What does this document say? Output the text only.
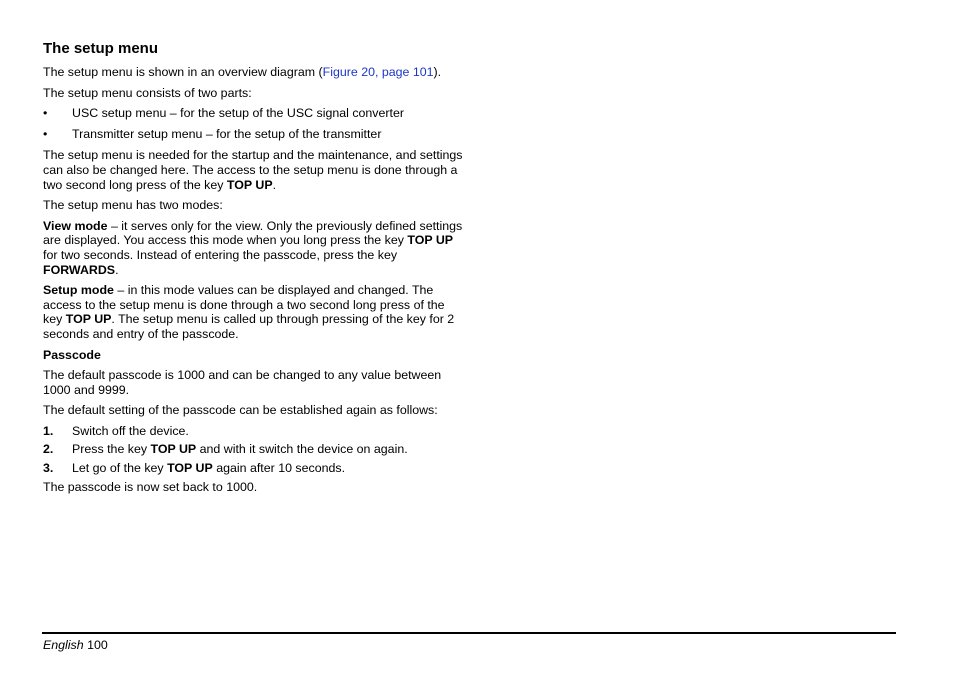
The setup menu

The setup menu is shown in an overview diagram (Figure 20, page 101).

The setup menu consists of two parts:

•	USC setup menu – for the setup of the USC signal converter
•	Transmitter setup menu – for the setup of the transmitter

The setup menu is needed for the startup and the maintenance, and settings can also be changed here. The access to the setup menu is done through a two second long press of the key TOP UP.

The setup menu has two modes:

View mode – it serves only for the view. Only the previously defined settings are displayed. You access this mode when you long press the key TOP UP for two seconds. Instead of entering the passcode, press the key FORWARDS.

Setup mode – in this mode values can be displayed and changed. The access to the setup menu is done through a two second long press of the key TOP UP. The setup menu is called up through pressing of the key for 2 seconds and entry of the passcode.

Passcode

The default passcode is 1000 and can be changed to any value between 1000 and 9999.

The default setting of the passcode can be established again as follows:

1.	Switch off the device.
2.	Press the key TOP UP and with it switch the device on again.
3.	Let go of the key TOP UP again after 10 seconds.

The passcode is now set back to 1000.

English 100
